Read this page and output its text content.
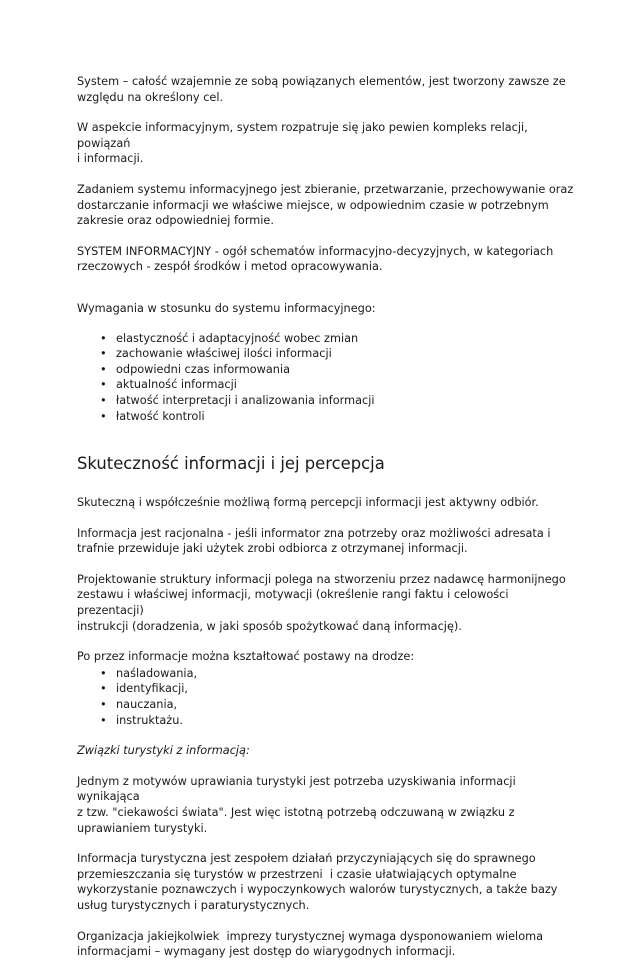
System – całość wzajemnie ze sobą powiązanych elementów, jest tworzony zawsze ze
względu na określony cel.

W aspekcie informacyjnym, system rozpatruje się jako pewien kompleks relacji, powiązań
i informacji.

Zadaniem systemu informacyjnego jest zbieranie, przetwarzanie, przechowywanie oraz
dostarczanie informacji we właściwe miejsce, w odpowiednim czasie w potrzebnym
zakresie oraz odpowiedniej formie.

SYSTEM INFORMACYJNY - ogół schematów informacyjno-decyzyjnych, w kategoriach
rzeczowych - zespół środków i metod opracowywania.

Wymagania w stosunku do systemu informacyjnego:

• elastyczność i adaptacyjność wobec zmian
• zachowanie właściwej ilości informacji
• odpowiedni czas informowania
• aktualność informacji
• łatwość interpretacji i analizowania informacji
• łatwość kontroli
Skuteczność informacji i jej percepcja

Skuteczną i współcześnie możliwą formą percepcji informacji jest aktywny odbiór.

Informacja jest racjonalna - jeśli informator zna potrzeby oraz możliwości adresata i
trafnie przewiduje jaki użytek zrobi odbiorca z otrzymanej informacji.

Projektowanie struktury informacji polega na stworzeniu przez nadawcę harmonijnego
zestawu i właściwej informacji, motywacji (określenie rangi faktu i celowości prezentacji)
instrukcji (doradzenia, w jaki sposób spożytkować daną informację).

Po przez informacje można kształtować postawy na drodze:

• naśladowania,
• identyfikacji,
• nauczania,
• instruktażu.

Związki turystyki z informacją:

Jednym z motywów uprawiania turystyki jest potrzeba uzyskiwania informacji wynikająca
z tzw. "ciekawości świata". Jest więc istotną potrzebą odczuwaną w związku z
uprawianiem turystyki.

Informacja turystyczna jest zespołem działań przyczyniających się do sprawnego
przemieszczania się turystów w przestrzeni  i czasie ułatwiających optymalne
wykorzystanie poznawczych i wypoczynkowych walorów turystycznych, a także bazy
usług turystycznych i paraturystycznych.

Organizacja jakiejkolwiek  imprezy turystycznej wymaga dysponowaniem wieloma
informacjami – wymagany jest dostęp do wiarygodnych informacji.
